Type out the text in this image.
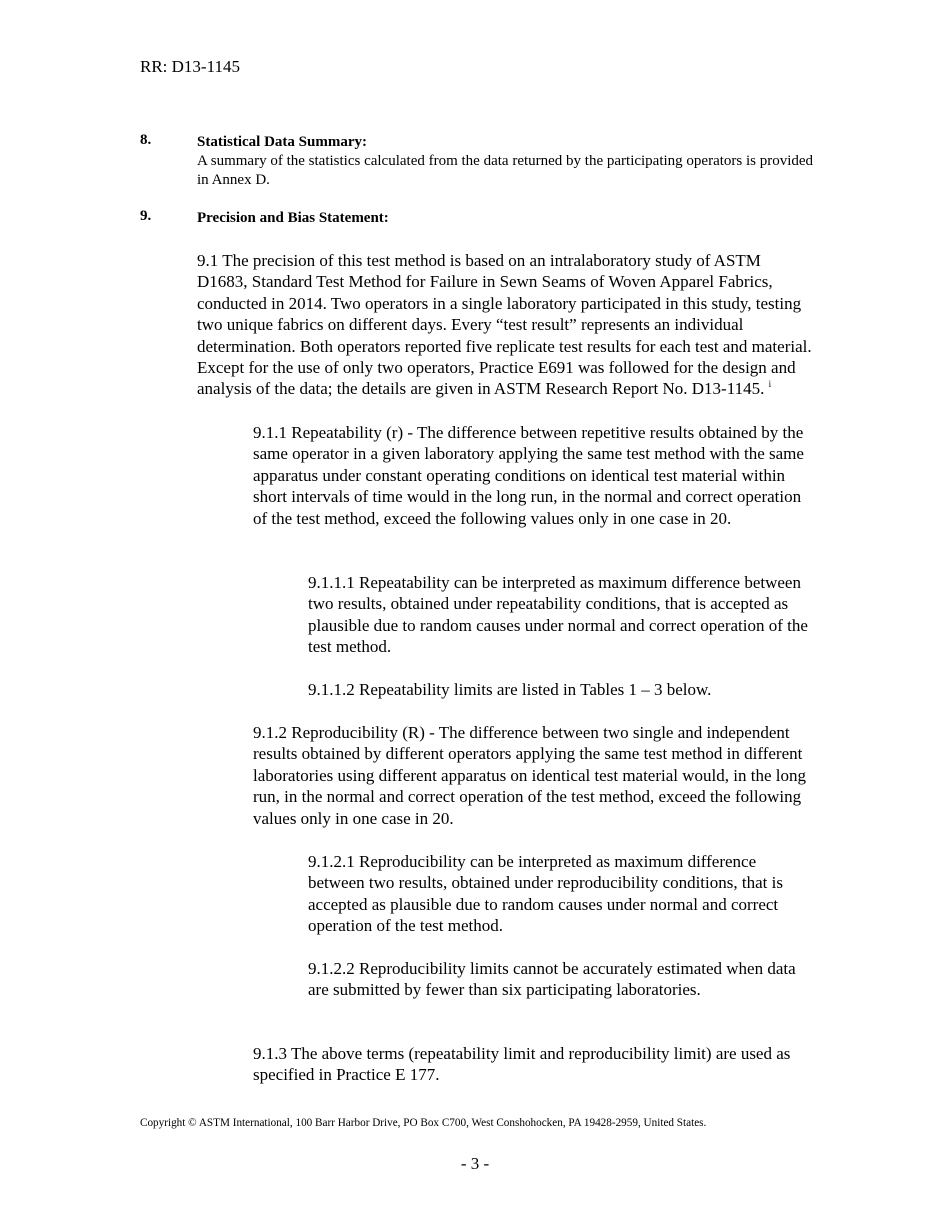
RR: D13-1145
8.	Statistical Data Summary:

A summary of the statistics calculated from the data returned by the participating operators is provided in Annex D.

9.	Precision and Bias Statement:

9.1 The precision of this test method is based on an intralaboratory study of ASTM D1683, Standard Test Method for Failure in Sewn Seams of Woven Apparel Fabrics, conducted in 2014. Two operators in a single laboratory participated in this study, testing two unique fabrics on different days. Every “test result” represents an individual determination. Both operators reported five replicate test results for each test and material. Except for the use of only two operators, Practice E691 was followed for the design and analysis of the data; the details are given in ASTM Research Report No. D13-1145. $^i$

9.1.1 Repeatability (r) - The difference between repetitive results obtained by the same operator in a given laboratory applying the same test method with the same apparatus under constant operating conditions on identical test material within short intervals of time would in the long run, in the normal and correct operation of the test method, exceed the following values only in one case in 20.

9.1.1.1 Repeatability can be interpreted as maximum difference between two results, obtained under repeatability conditions, that is accepted as plausible due to random causes under normal and correct operation of the test method.

9.1.1.2 Repeatability limits are listed in Tables 1 – 3 below.

9.1.2 Reproducibility (R) - The difference between two single and independent results obtained by different operators applying the same test method in different laboratories using different apparatus on identical test material would, in the long run, in the normal and correct operation of the test method, exceed the following values only in one case in 20.

9.1.2.1 Reproducibility can be interpreted as maximum difference between two results, obtained under reproducibility conditions, that is accepted as plausible due to random causes under normal and correct operation of the test method.

9.1.2.2 Reproducibility limits cannot be accurately estimated when data are submitted by fewer than six participating laboratories.

9.1.3 The above terms (repeatability limit and reproducibility limit) are used as specified in Practice E 177.

Copyright © ASTM International, 100 Barr Harbor Drive, PO Box C700, West Conshohocken, PA 19428-2959, United States.
- 3 -
